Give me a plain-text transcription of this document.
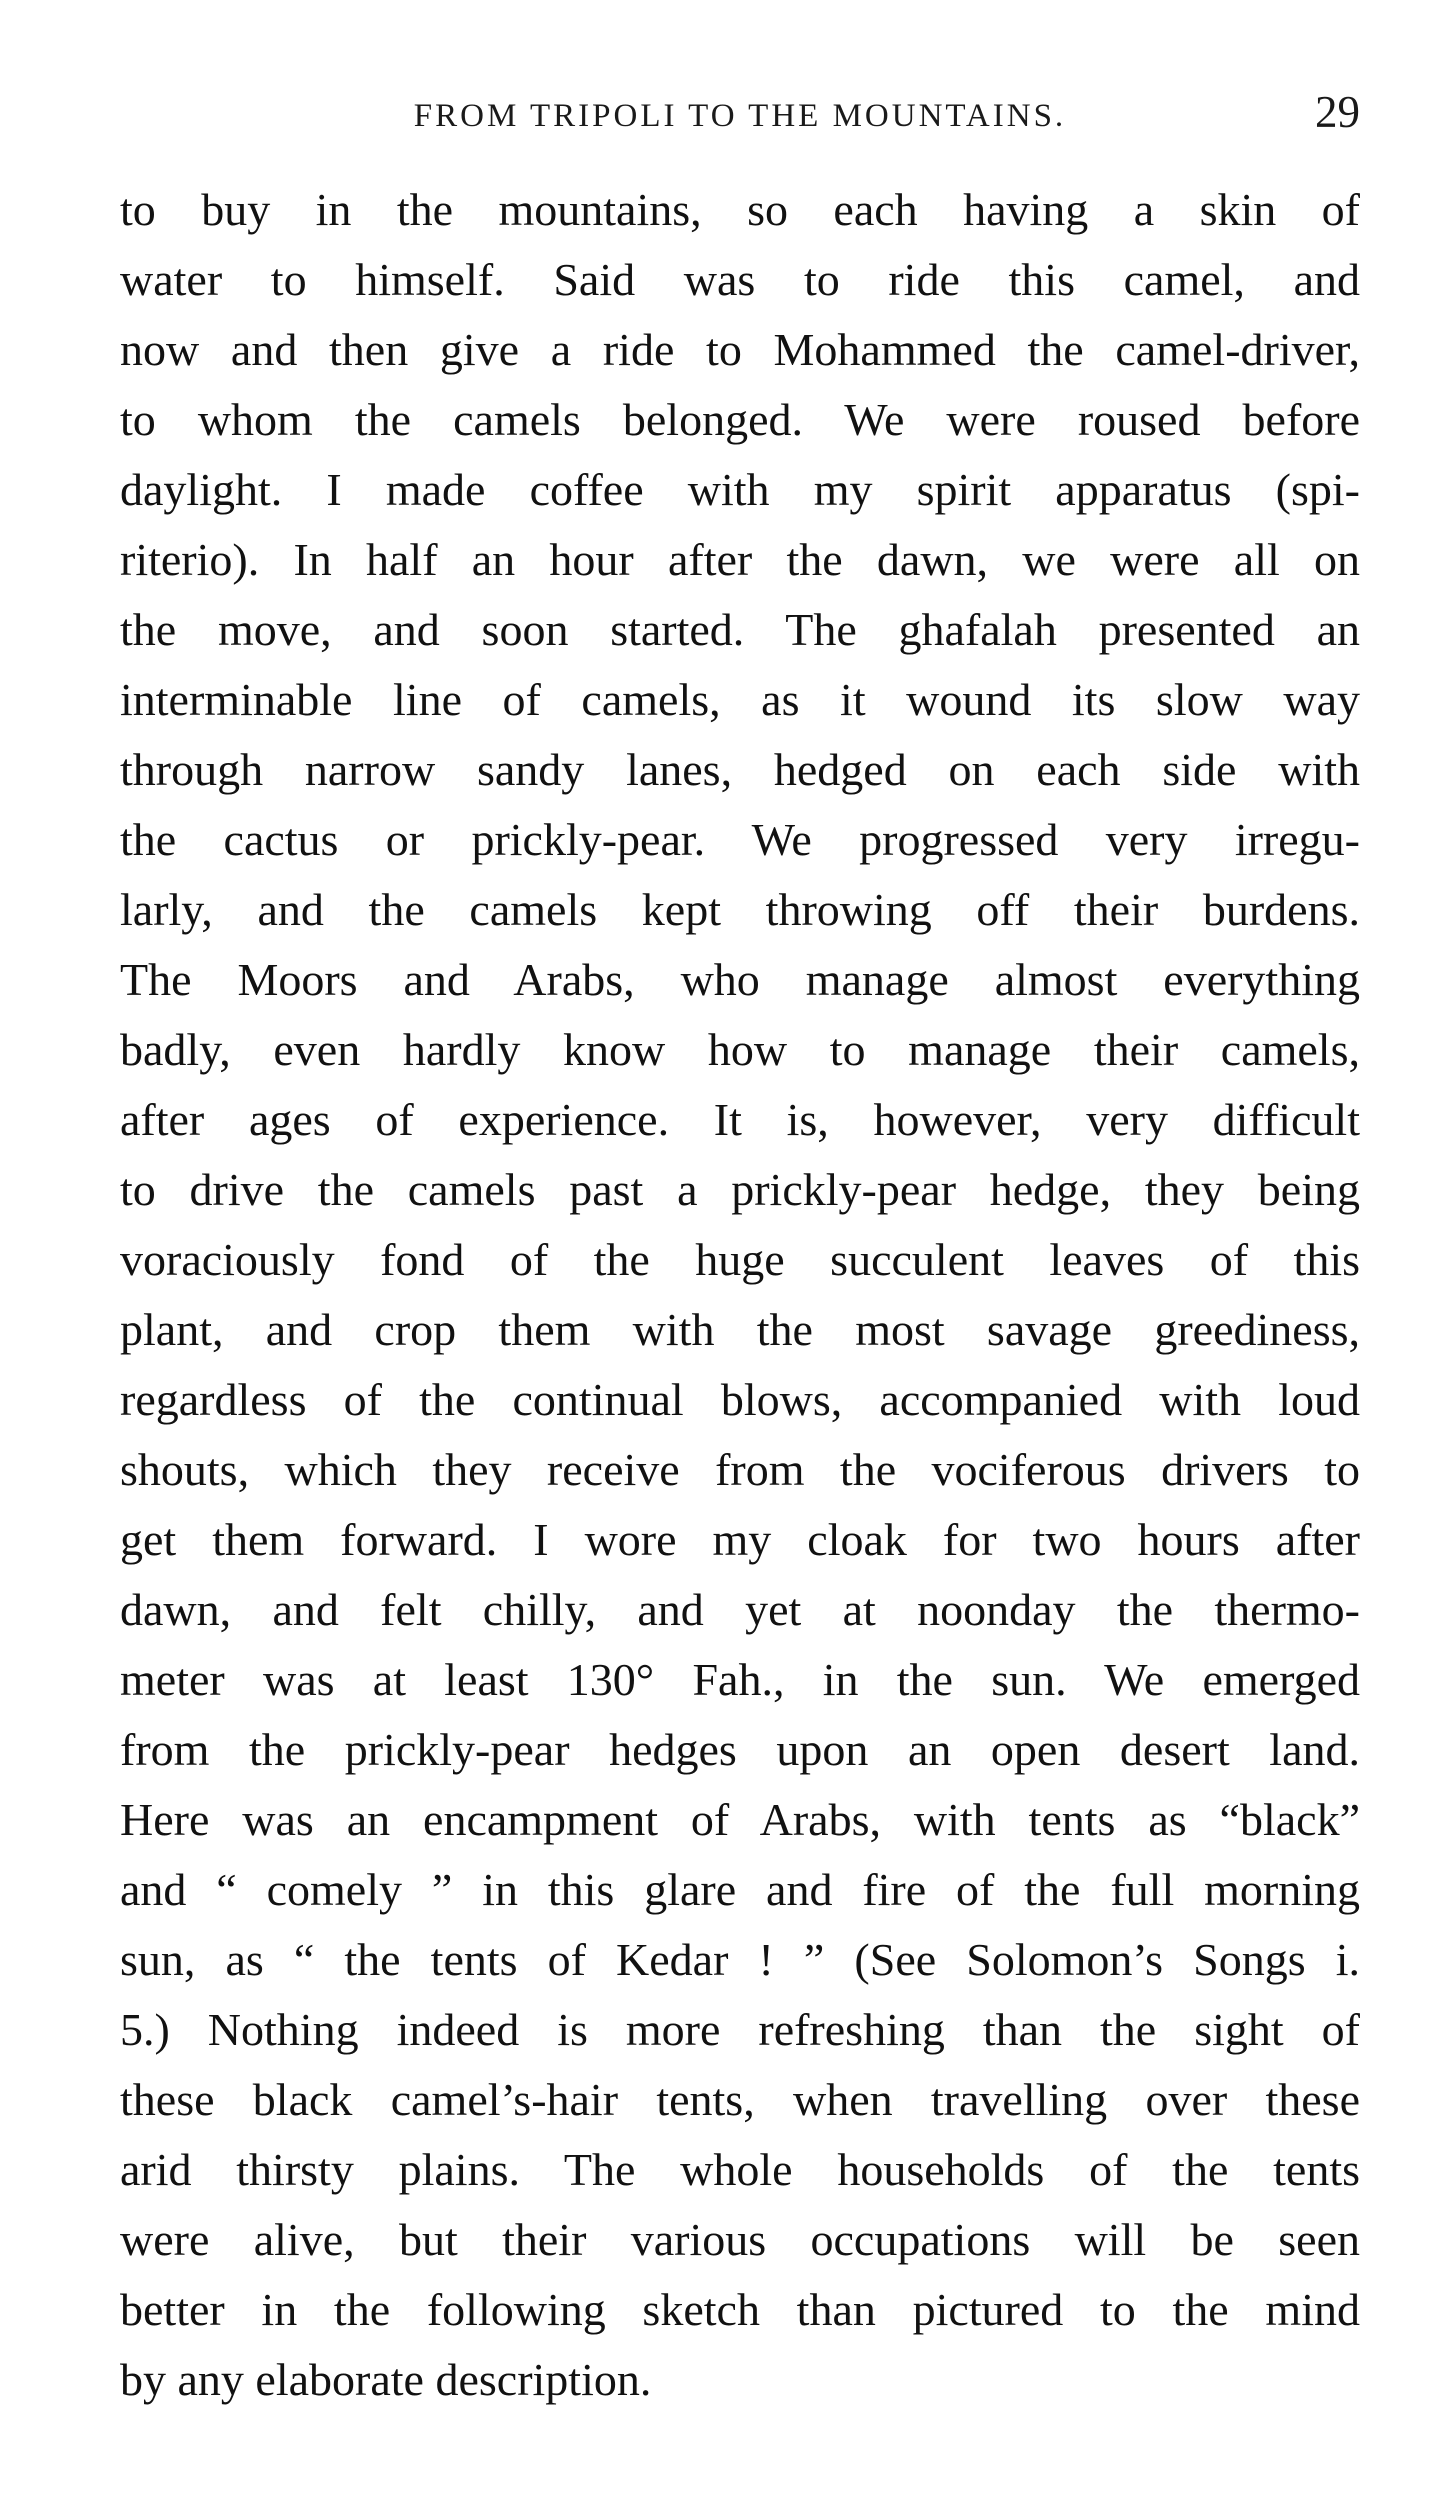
FROM TRIPOLI TO THE MOUNTAINS.	29
to buy in the mountains, so each having a skin of
water to himself. Said was to ride this camel, and
now and then give a ride to Mohammed the camel-driver,
to whom the camels belonged. We were roused before
daylight. I made coffee with my spirit apparatus (spi-
riterio). In half an hour after the dawn, we were all on
the move, and soon started. The ghafalah presented an
interminable line of camels, as it wound its slow way
through narrow sandy lanes, hedged on each side with
the cactus or prickly-pear. We progressed very irregu-
larly, and the camels kept throwing off their burdens.
The Moors and Arabs, who manage almost everything
badly, even hardly know how to manage their camels,
after ages of experience. It is, however, very difficult
to drive the camels past a prickly-pear hedge, they being
voraciously fond of the huge succulent leaves of this
plant, and crop them with the most savage greediness,
regardless of the continual blows, accompanied with loud
shouts, which they receive from the vociferous drivers to
get them forward. I wore my cloak for two hours after
dawn, and felt chilly, and yet at noonday the thermo-
meter was at least 130° Fah., in the sun. We emerged
from the prickly-pear hedges upon an open desert land.
Here was an encampment of Arabs, with tents as “black”
and “ comely ” in this glare and fire of the full morning
sun, as “ the tents of Kedar ! ” (See Solomon’s Songs i.
5.) Nothing indeed is more refreshing than the sight of
these black camel’s-hair tents, when travelling over these
arid thirsty plains. The whole households of the tents
were alive, but their various occupations will be seen
better in the following sketch than pictured to the mind
by any elaborate description.
